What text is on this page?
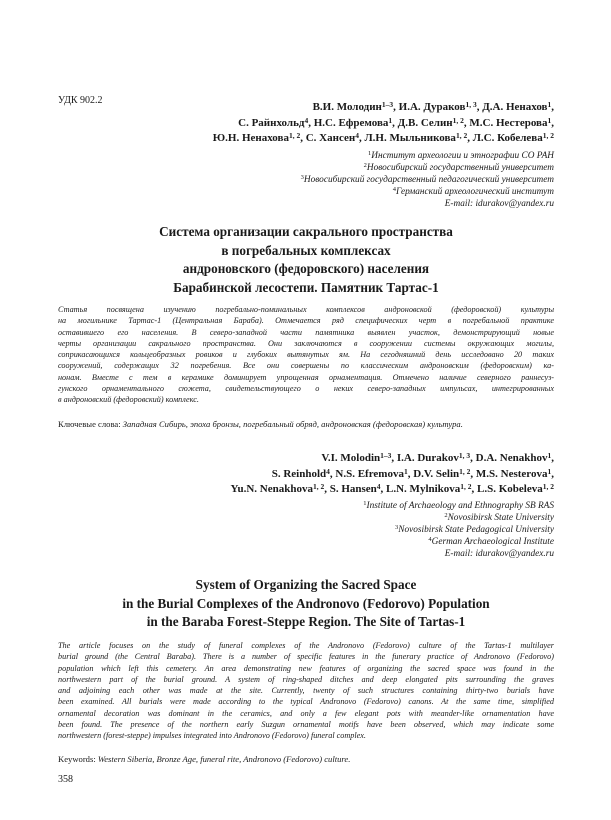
УДК 902.2
В.И. Молодин$^{1-3}$, И.А. Дураков$^{1, 3}$, Д.А. Ненахов$^1$,
С. Райнхольд$^4$, Н.С. Ефремова$^1$, Д.В. Селин$^{1, 2}$, М.С. Нестерова$^1$,
Ю.Н. Ненахова$^{1, 2}$, С. Хансен$^4$, Л.Н. Мыльникова$^{1, 2}$, Л.С. Кобелева$^{1, 2}$
$^1$Институт археологии и этнографии СО РАН
$^2$Новосибирский государственный университет
$^3$Новосибирский государственный педагогический университет
$^4$Германский археологический институт
E-mail: idurakov@yandex.ru
Система организации сакрального пространства
в погребальных комплексах
андроновского (федоровского) населения
Барабинской лесостепи. Памятник Тартас-1

Статья посвящена изучению погребально-поминальных комплексов андроновской (федоровской) культуры

на могильнике Тартас-1 (Центральная Бараба). Отмечается ряд специфических черт в погребальной практике

оставившего его населения. В северо-западной части памятника выявлен участок, демонстрирующий новые

черты организации сакрального пространства. Они заключаются в сооружении системы окружающих могилы,

соприкасающихся кольцеобразных ровиков и глубоких вытянутых ям. На сегодняшний день исследовано 20 таких

сооружений, содержащих 32 погребения. Все они совершены по классическим андроновским (федоровским) ка-

нонам. Вместе с тем в керамике доминирует упрощенная орнаментация. Отмечено наличие северного раннесуз-

гунского орнаментального сюжета, свидетельствующего о неких северо-западных импульсах, интегрированных

в андроновский (федоровский) комплекс.

Ключевые слова: Западная Сибирь, эпоха бронзы, погребальный обряд, андроновская (федоровская) культура.
V.I. Molodin$^{1-3}$, I.A. Durakov$^{1, 3}$, D.A. Nenakhov$^1$,
S. Reinhold$^4$, N.S. Efremova$^1$, D.V. Selin$^{1, 2}$, M.S. Nesterova$^1$,
Yu.N. Nenakhova$^{1, 2}$, S. Hansen$^4$, L.N. Mylnikova$^{1, 2}$, L.S. Kobeleva$^{1, 2}$
$^1$Institute of Archaeology and Ethnography SB RAS
$^2$Novosibirsk State University
$^3$Novosibirsk State Pedagogical University
$^4$German Archaeological Institute
E-mail: idurakov@yandex.ru
System of Organizing the Sacred Space
in the Burial Complexes of the Andronovo (Fedorovo) Population
in the Baraba Forest-Steppe Region. The Site of Tartas-1

The article focuses on the study of funeral complexes of the Andronovo (Fedorovo) culture of the Tartas-1 multilayer

burial ground (the Central Baraba). There is a number of specific features in the funerary practice of Andronovo (Fedorovo)

population which left this cemetery. An area demonstrating new features of organizing the sacred space was found in the

northwestern part of the burial ground. A system of ring-shaped ditches and deep elongated pits surrounding the graves

and adjoining each other was made at the site. Currently, twenty of such structures containing thirty-two burials have

been examined. All burials were made according to the typical Andronovo (Fedorovo) canons. At the same time, simplified

ornamental decoration was dominant in the ceramics, and only a few elegant pots with meander-like ornamentation have

been found. The presence of the northern early Suzgun ornamental motifs have been observed, which may indicate some

northwestern (forest-steppe) impulses integrated into Andronovo (Fedorovo) funeral complex.

Keywords: Western Siberia, Bronze Age, funeral rite, Andronovo (Fedorovo) culture.
358
